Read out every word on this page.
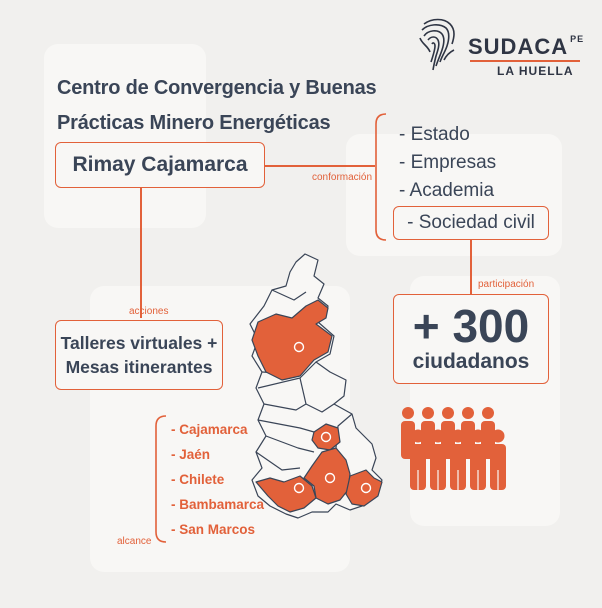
SUDACA $^{PE}$
LA HUELLA
Centro de Convergencia y Buenas
Prácticas Minero Energéticas
Rimay Cajamarca
conformación
- Estado
- Empresas
- Academia
- Sociedad civil
participación
+ 300
ciudadanos
acciones
Talleres virtuales +
Mesas itinerantes
alcance
- Cajamarca
- Jaén
- Chilete
- Bambamarca
- San Marcos
